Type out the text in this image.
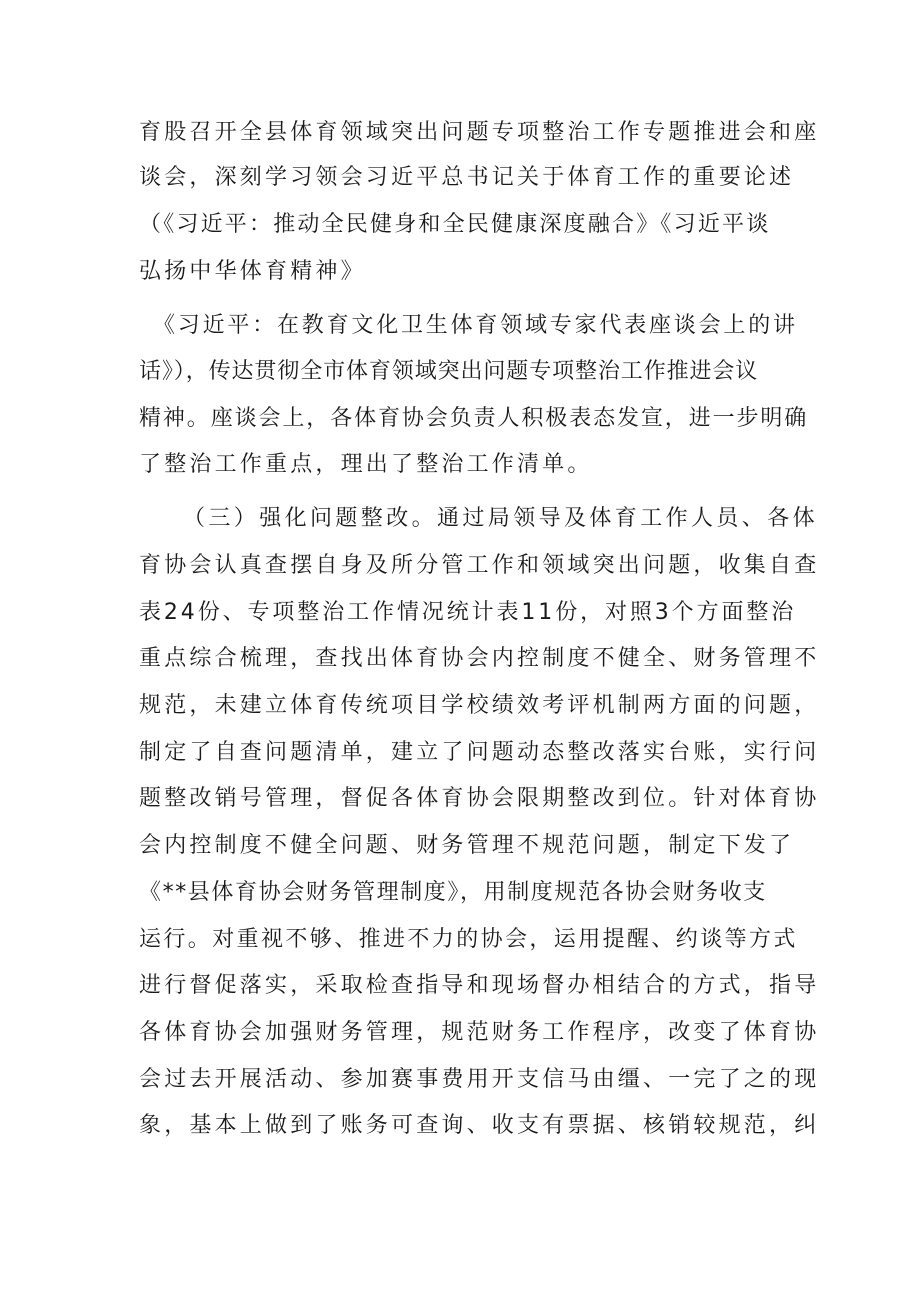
育股召开全县体育领域突出问题专项整治工作专题推进会和座

谈会，深刻学习领会习近平总书记关于体育工作的重要论述

（《习近平：推动全民健身和全民健康深度融合》《习近平谈

弘扬中华体育精神》

《习近平：在教育文化卫生体育领域专家代表座谈会上的讲

话》），传达贯彻全市体育领域突出问题专项整治工作推进会议

精神。座谈会上，各体育协会负责人积极表态发宣，进一步明确

了整治工作重点，理出了整治工作清单。

（三）强化问题整改。通过局领导及体育工作人员、各体

育协会认真查摆自身及所分管工作和领域突出问题，收集自查

表24份、专项整治工作情况统计表11份，对照3个方面整治

重点综合梳理，查找出体育协会内控制度不健全、财务管理不

规范，未建立体育传统项目学校绩效考评机制两方面的问题，

制定了自查问题清单，建立了问题动态整改落实台账，实行问

题整改销号管理，督促各体育协会限期整改到位。针对体育协

会内控制度不健全问题、财务管理不规范问题，制定下发了

《**县体育协会财务管理制度》，用制度规范各协会财务收支

运行。对重视不够、推进不力的协会，运用提醒、约谈等方式

进行督促落实，采取检查指导和现场督办相结合的方式，指导

各体育协会加强财务管理，规范财务工作程序，改变了体育协

会过去开展活动、参加赛事费用开支信马由缰、一完了之的现

象，基本上做到了账务可查询、收支有票据、核销较规范，纠
